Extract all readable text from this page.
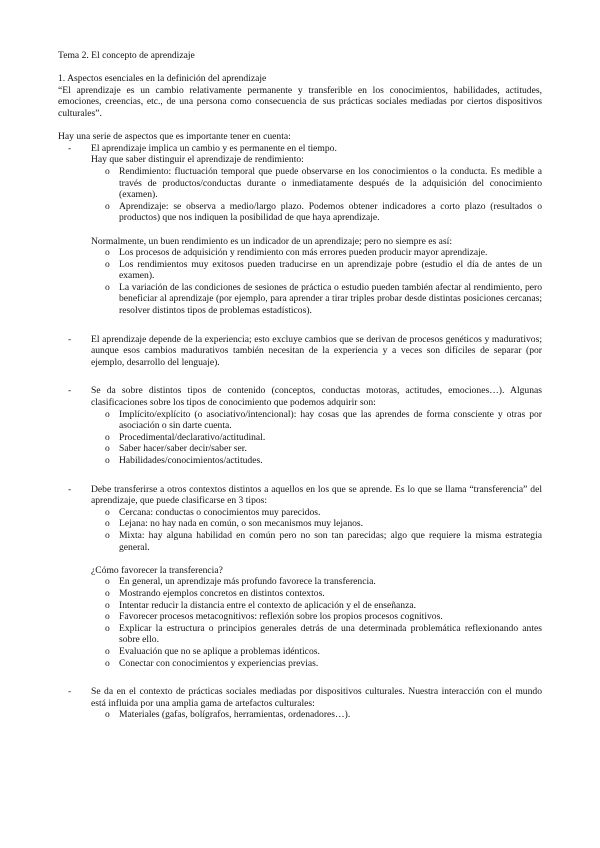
Tema 2. El concepto de aprendizaje

1. Aspectos esenciales en la definición del aprendizaje

“El aprendizaje es un cambio relativamente permanente y transferible en los conocimientos, habilidades, actitudes, emociones, creencias, etc., de una persona como consecuencia de sus prácticas sociales mediadas por ciertos dispositivos culturales”.

Hay una serie de aspectos que es importante tener en cuenta:

- El aprendizaje implica un cambio y es permanente en el tiempo.

Hay que saber distinguir el aprendizaje de rendimiento:

o Rendimiento: fluctuación temporal que puede observarse en los conocimientos o la conducta. Es medible a través de productos/conductas durante o inmediatamente después de la adquisición del conocimiento (examen).
o Aprendizaje: se observa a medio/largo plazo. Podemos obtener indicadores a corto plazo (resultados o productos) que nos indiquen la posibilidad de que haya aprendizaje.

Normalmente, un buen rendimiento es un indicador de un aprendizaje; pero no siempre es así:

o Los procesos de adquisición y rendimiento con más errores pueden producir mayor aprendizaje.
o Los rendimientos muy exitosos pueden traducirse en un aprendizaje pobre (estudio el día de antes de un examen).
o La variación de las condiciones de sesiones de práctica o estudio pueden también afectar al rendimiento, pero beneficiar al aprendizaje (por ejemplo, para aprender a tirar triples probar desde distintas posiciones cercanas; resolver distintos tipos de problemas estadísticos).
- El aprendizaje depende de la experiencia; esto excluye cambios que se derivan de procesos genéticos y madurativos; aunque esos cambios madurativos también necesitan de la experiencia y a veces son difíciles de separar (por ejemplo, desarrollo del lenguaje).
- Se da sobre distintos tipos de contenido (conceptos, conductas motoras, actitudes, emociones…). Algunas clasificaciones sobre los tipos de conocimiento que podemos adquirir son:
o Implícito/explícito (o asociativo/intencional): hay cosas que las aprendes de forma consciente y otras por asociación o sin darte cuenta.
o Procedimental/declarativo/actitudinal.
o Saber hacer/saber decir/saber ser.
o Habilidades/conocimientos/actitudes.
- Debe transferirse a otros contextos distintos a aquellos en los que se aprende. Es lo que se llama “transferencia” del aprendizaje, que puede clasificarse en 3 tipos:
o Cercana: conductas o conocimientos muy parecidos.
o Lejana: no hay nada en común, o son mecanismos muy lejanos.
o Mixta: hay alguna habilidad en común pero no son tan parecidas; algo que requiere la misma estrategia general.

¿Cómo favorecer la transferencia?

o En general, un aprendizaje más profundo favorece la transferencia.
o Mostrando ejemplos concretos en distintos contextos.
o Intentar reducir la distancia entre el contexto de aplicación y el de enseñanza.
o Favorecer procesos metacognitivos: reflexión sobre los propios procesos cognitivos.
o Explicar la estructura o principios generales detrás de una determinada problemática reflexionando antes sobre ello.
o Evaluación que no se aplique a problemas idénticos.
o Conectar con conocimientos y experiencias previas.
- Se da en el contexto de prácticas sociales mediadas por dispositivos culturales. Nuestra interacción con el mundo está influida por una amplia gama de artefactos culturales:
o Materiales (gafas, bolígrafos, herramientas, ordenadores…).
